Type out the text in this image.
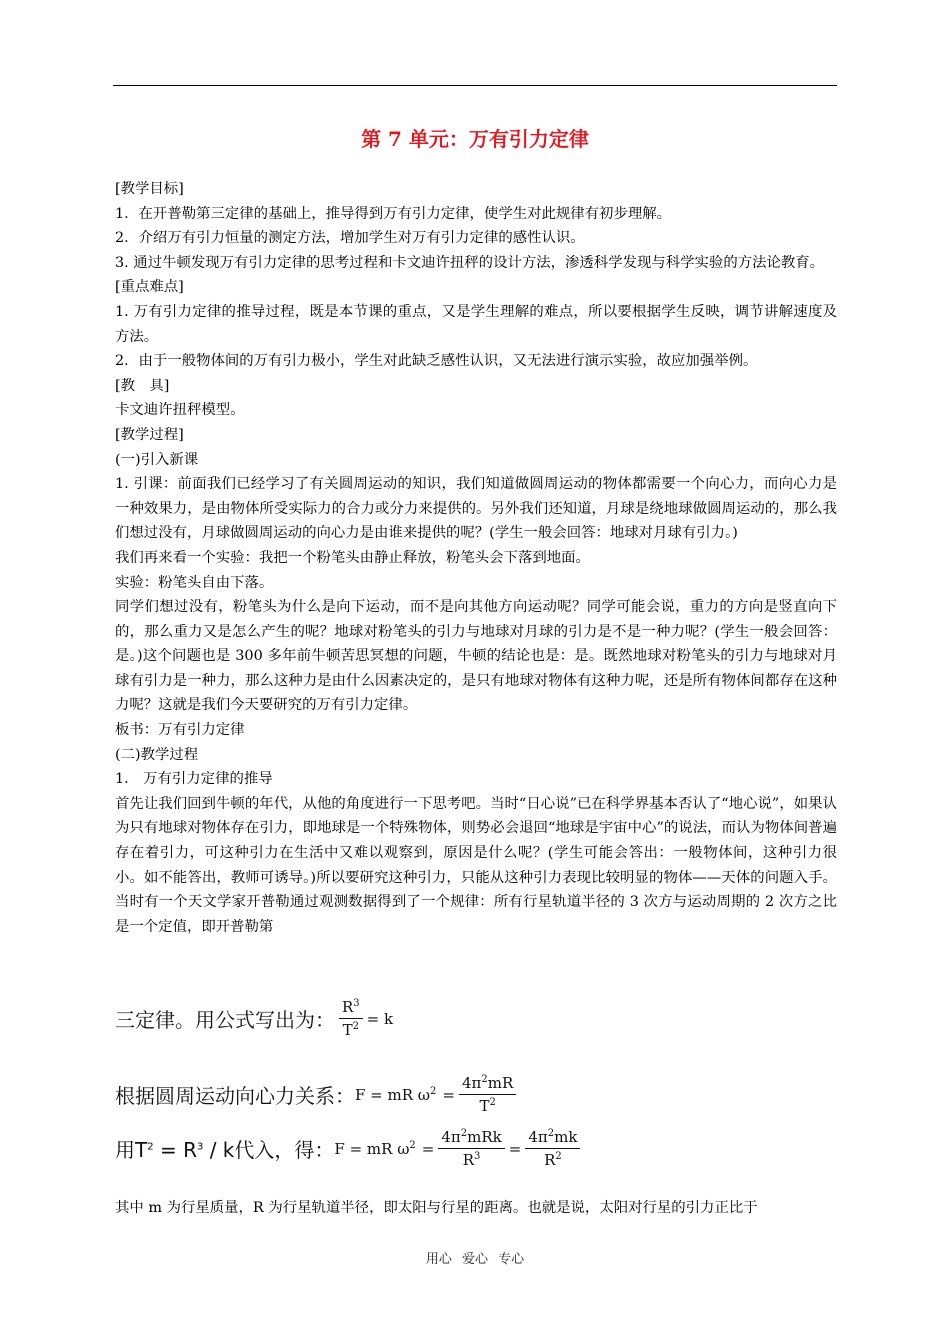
第 7 单元：万有引力定律

[教学目标]

1．在开普勒第三定律的基础上，推导得到万有引力定律，使学生对此规律有初步理解。

2．介绍万有引力恒量的测定方法，增加学生对万有引力定律的感性认识。

3. 通过牛顿发现万有引力定律的思考过程和卡文迪许扭秤的设计方法，渗透科学发现与科学实验的方法论教育。

[重点难点]

1. 万有引力定律的推导过程，既是本节课的重点，又是学生理解的难点，所以要根据学生反映，调节讲解速度及方法。

2．由于一般物体间的万有引力极小，学生对此缺乏感性认识，又无法进行演示实验，故应加强举例。

[教　具]

卡文迪许扭秤模型。

[教学过程]

(一)引入新课

1. 引课：前面我们已经学习了有关圆周运动的知识，我们知道做圆周运动的物体都需要一个向心力，而向心力是一种效果力，是由物体所受实际力的合力或分力来提供的。另外我们还知道，月球是绕地球做圆周运动的，那么我们想过没有，月球做圆周运动的向心力是由谁来提供的呢？(学生一般会回答：地球对月球有引力。)

我们再来看一个实验：我把一个粉笔头由静止释放，粉笔头会下落到地面。

实验：粉笔头自由下落。

同学们想过没有，粉笔头为什么是向下运动，而不是向其他方向运动呢？同学可能会说，重力的方向是竖直向下的，那么重力又是怎么产生的呢？地球对粉笔头的引力与地球对月球的引力是不是一种力呢？(学生一般会回答：是。)这个问题也是 300 多年前牛顿苦思冥想的问题，牛顿的结论也是：是。既然地球对粉笔头的引力与地球对月球有引力是一种力，那么这种力是由什么因素决定的，是只有地球对物体有这种力呢，还是所有物体间都存在这种力呢？这就是我们今天要研究的万有引力定律。

板书：万有引力定律

(二)教学过程

1． 万有引力定律的推导

首先让我们回到牛顿的年代，从他的角度进行一下思考吧。当时“日心说”已在科学界基本否认了“地心说”，如果认为只有地球对物体存在引力，即地球是一个特殊物体，则势必会退回“地球是宇宙中心”的说法，而认为物体间普遍存在着引力，可这种引力在生活中又难以观察到，原因是什么呢？(学生可能会答出：一般物体间，这种引力很小。如不能答出，教师可诱导。)所以要研究这种引力，只能从这种引力表现比较明显的物体——天体的问题入手。当时有一个天文学家开普勒通过观测数据得到了一个规律：所有行星轨道半径的 3 次方与运动周期的 2 次方之比是一个定值，即开普勒第

三定律。用公式写出为： $\frac{R^3}{T^2} = k$
根据圆周运动向心力关系： F = mR $\omega^2 = \frac{4\pi^2mR}{T^2}$
用$T^2 = R^3 / k$代入，得： F = mR $\omega^2 = \frac{4\pi^2mRk}{R^3} = \frac{4\pi^2mk}{R^2}$
其中 m 为行星质量，R 为行星轨道半径，即太阳与行星的距离。也就是说，太阳对行星的引力正比于
用心 爱心 专心
